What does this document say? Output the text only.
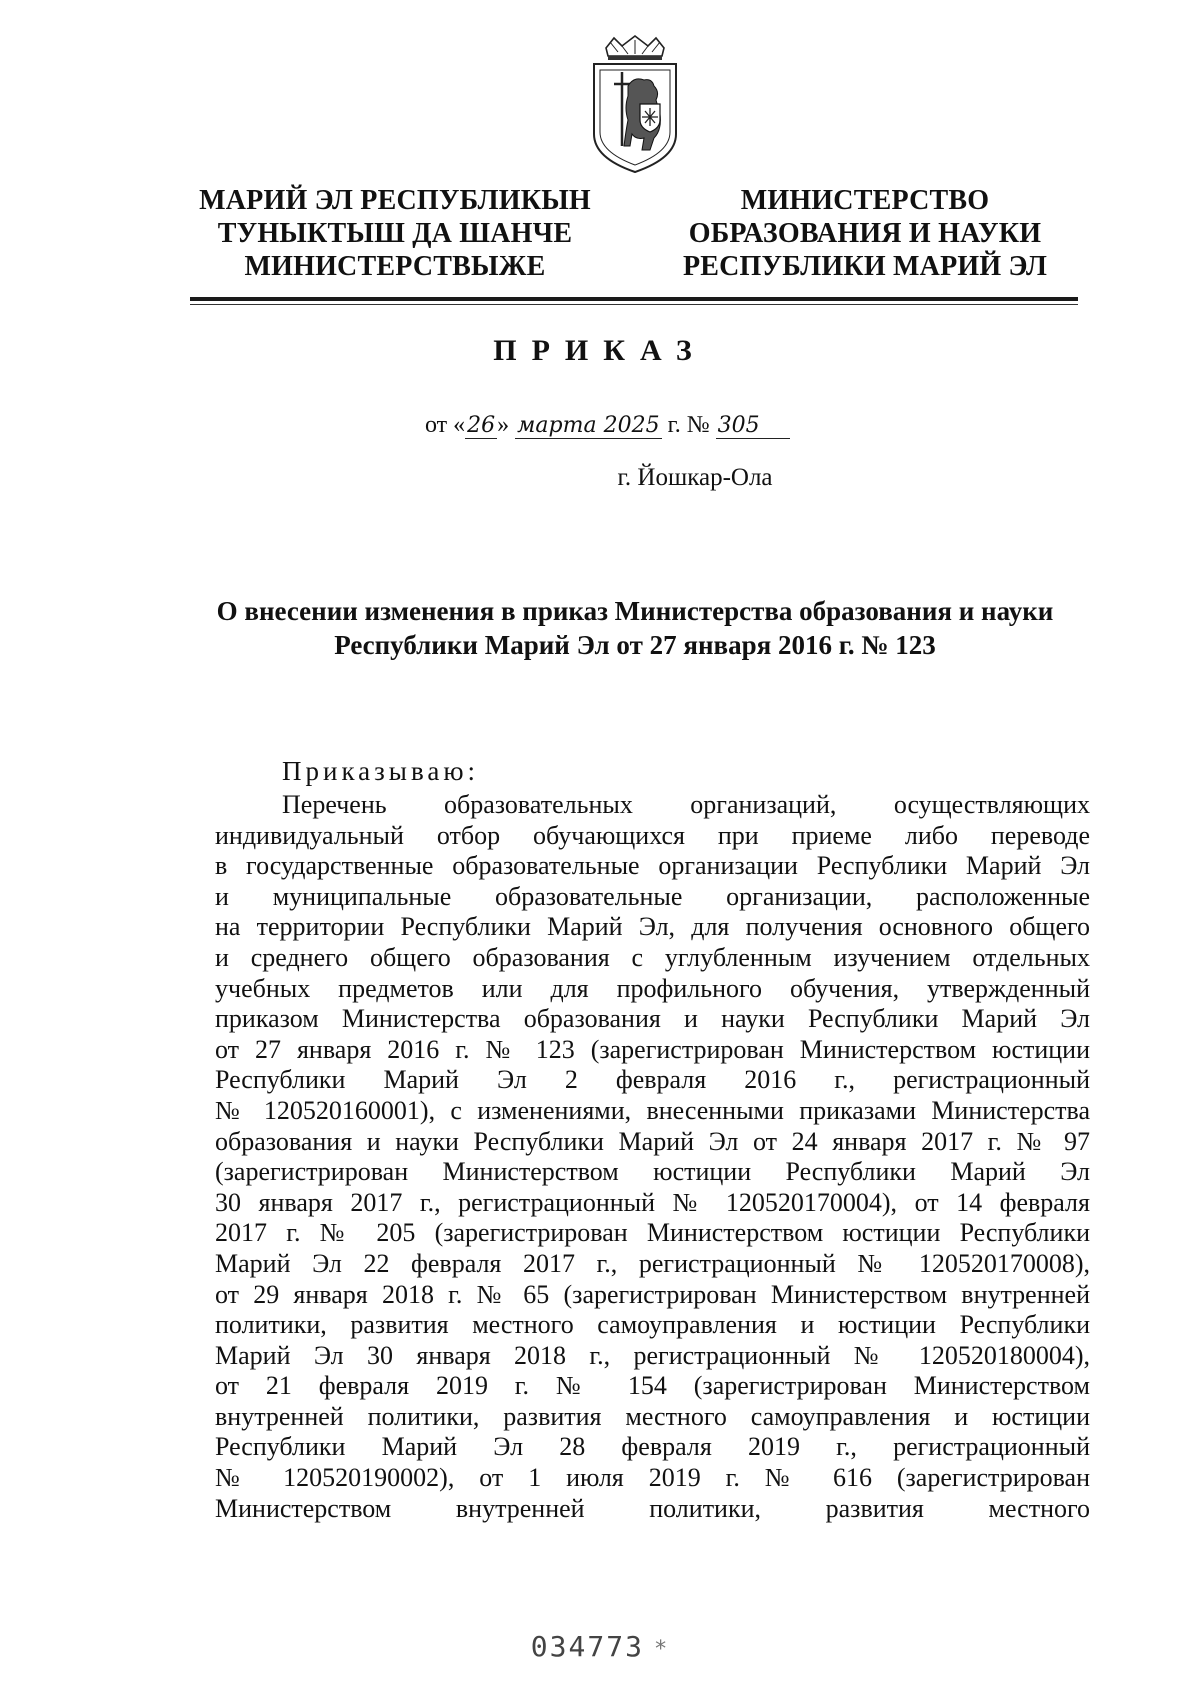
МАРИЙ ЭЛ РЕСПУБЛИКЫН
ТУНЫКТЫШ ДА ШАНЧЕ
МИНИСТЕРСТВЫЖЕ
МИНИСТЕРСТВО
ОБРАЗОВАНИЯ И НАУКИ
РЕСПУБЛИКИ МАРИЙ ЭЛ
ПРИКАЗ
от «26» марта 2025 г. № 305
г. Йошкар-Ола
О внесении изменения в приказ Министерства образования и науки
Республики Марий Эл от 27 января 2016 г. № 123
Приказываю:
Перечень образовательных организаций, осуществляющих
индивидуальный отбор обучающихся при приеме либо переводе
в государственные образовательные организации Республики Марий Эл
и муниципальные образовательные организации, расположенные
на территории Республики Марий Эл, для получения основного общего
и среднего общего образования с углубленным изучением отдельных
учебных предметов или для профильного обучения, утвержденный
приказом Министерства образования и науки Республики Марий Эл
от 27 января 2016 г. № 123 (зарегистрирован Министерством юстиции
Республики Марий Эл 2 февраля 2016 г., регистрационный
№ 120520160001), с изменениями, внесенными приказами Министерства
образования и науки Республики Марий Эл от 24 января 2017 г. № 97
(зарегистрирован Министерством юстиции Республики Марий Эл
30 января 2017 г., регистрационный № 120520170004), от 14 февраля
2017 г. № 205 (зарегистрирован Министерством юстиции Республики
Марий Эл 22 февраля 2017 г., регистрационный № 120520170008),
от 29 января 2018 г. № 65 (зарегистрирован Министерством внутренней
политики, развития местного самоуправления и юстиции Республики
Марий Эл 30 января 2018 г., регистрационный № 120520180004),
от 21 февраля 2019 г. № 154 (зарегистрирован Министерством
внутренней политики, развития местного самоуправления и юстиции
Республики Марий Эл 28 февраля 2019 г., регистрационный
№ 120520190002), от 1 июля 2019 г. № 616 (зарегистрирован
Министерством внутренней политики, развития местного
034773 *
